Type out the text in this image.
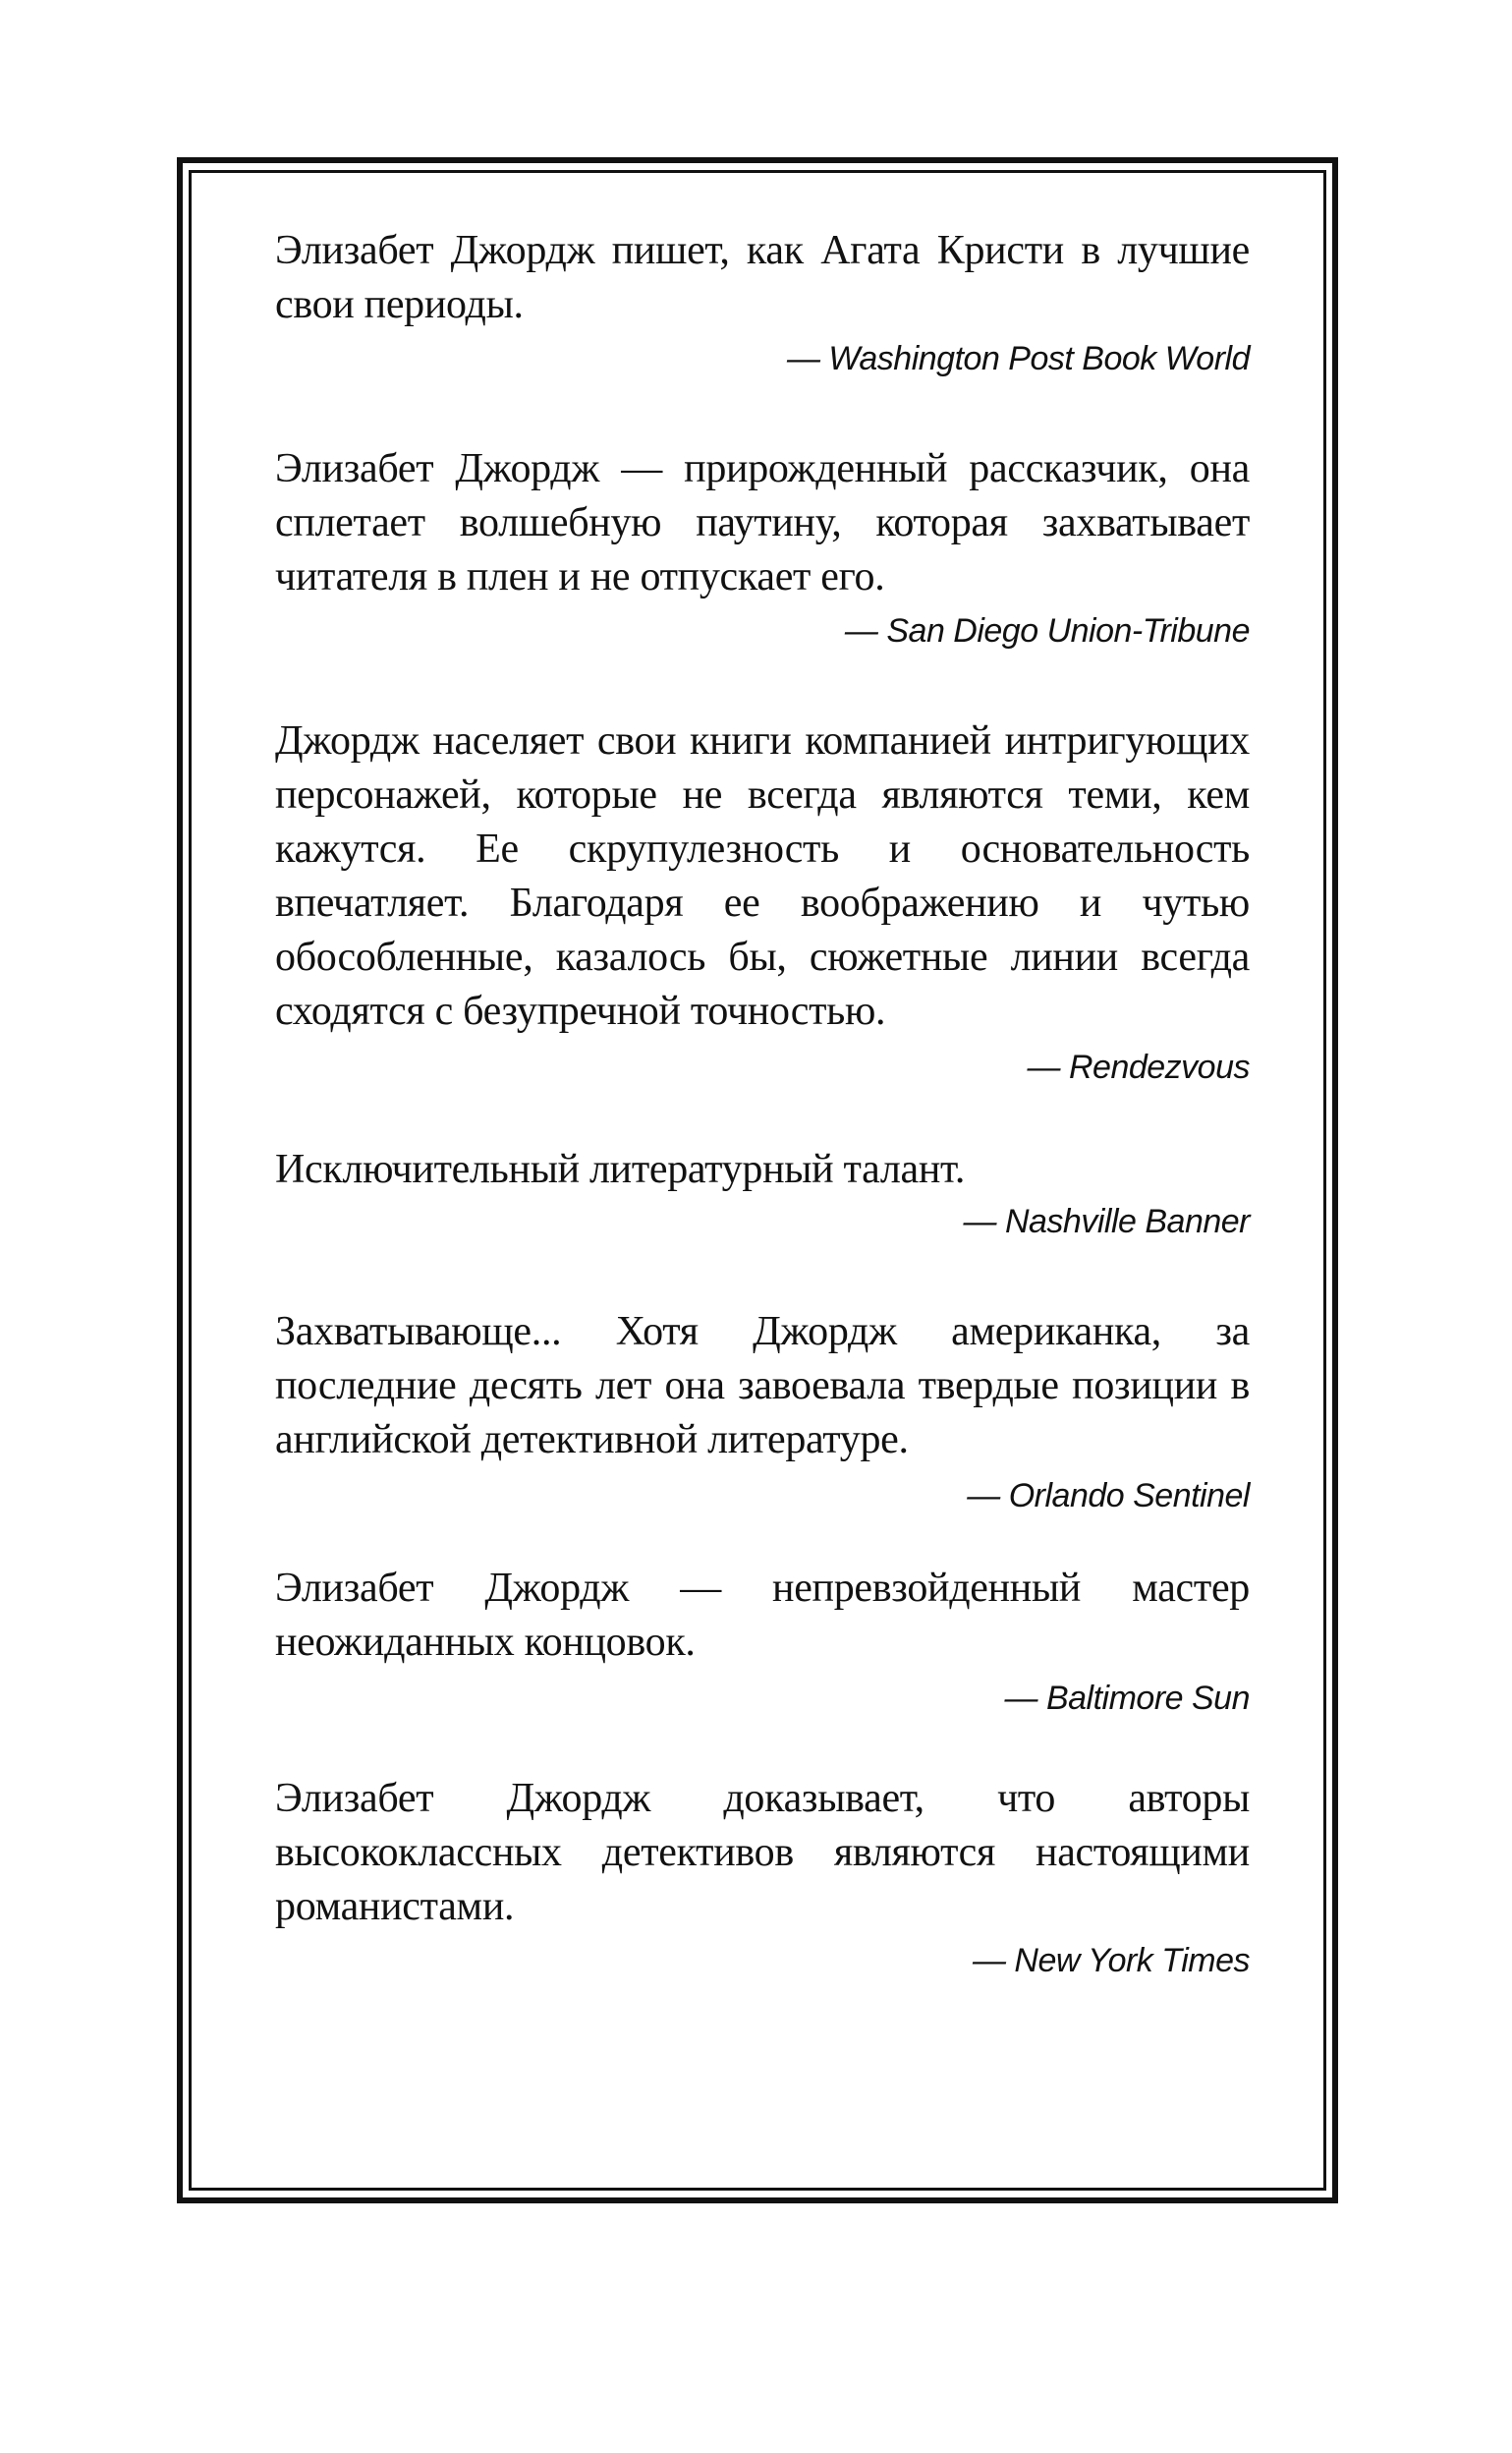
Элизабет Джордж пишет, как Агата Кристи в лучшие свои периоды.

— Washington Post Book World

Элизабет Джордж — прирожденный рассказчик, она сплетает волшебную паутину, которая захватывает читателя в плен и не отпускает его.

— San Diego Union-Tribune

Джордж населяет свои книги компанией интригующих персонажей, которые не всегда являются теми, кем кажутся. Ее скрупулезность и основательность впечатляет. Благодаря ее воображению и чутью обособленные, казалось бы, сюжетные линии всегда сходятся с безупречной точностью.

— Rendezvous

Исключительный литературный талант.

— Nashville Banner

Захватывающе... Хотя Джордж американка, за последние десять лет она завоевала твердые позиции в английской детективной литературе.

— Orlando Sentinel

Элизабет Джордж — непревзойденный мастер неожиданных концовок.

— Baltimore Sun

Элизабет Джордж доказывает, что авторы высококлассных детективов являются настоящими романистами.

— New York Times
